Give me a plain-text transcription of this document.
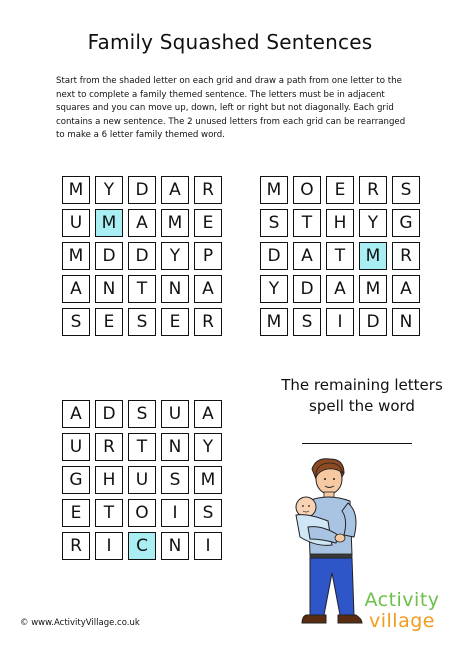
Family Squashed Sentences
Start from the shaded letter on each grid and draw a path from one letter to the next to complete a family themed sentence. The letters must be in adjacent squares and you can move up, down, left or right but not diagonally. Each grid contains a new sentence. The 2 unused letters from each grid can be rearranged to make a 6 letter family themed word.
M	Y	D	A	R
U	M	A	M	E
M	D	D	Y	P
A	N	T	N	A
S	E	S	E	R
M	O	E	R	S
S	T	H	Y	G
D	A	T	M	R
Y	D	A	M	A
M	S	I	D	N
A	D	S	U	A
U	R	T	N	Y
G	H	U	S	M
E	T	O	I	S
R	I	C	N	I
The remaining letters
spell the word
© www.ActivityVillage.co.uk
Activity
village
